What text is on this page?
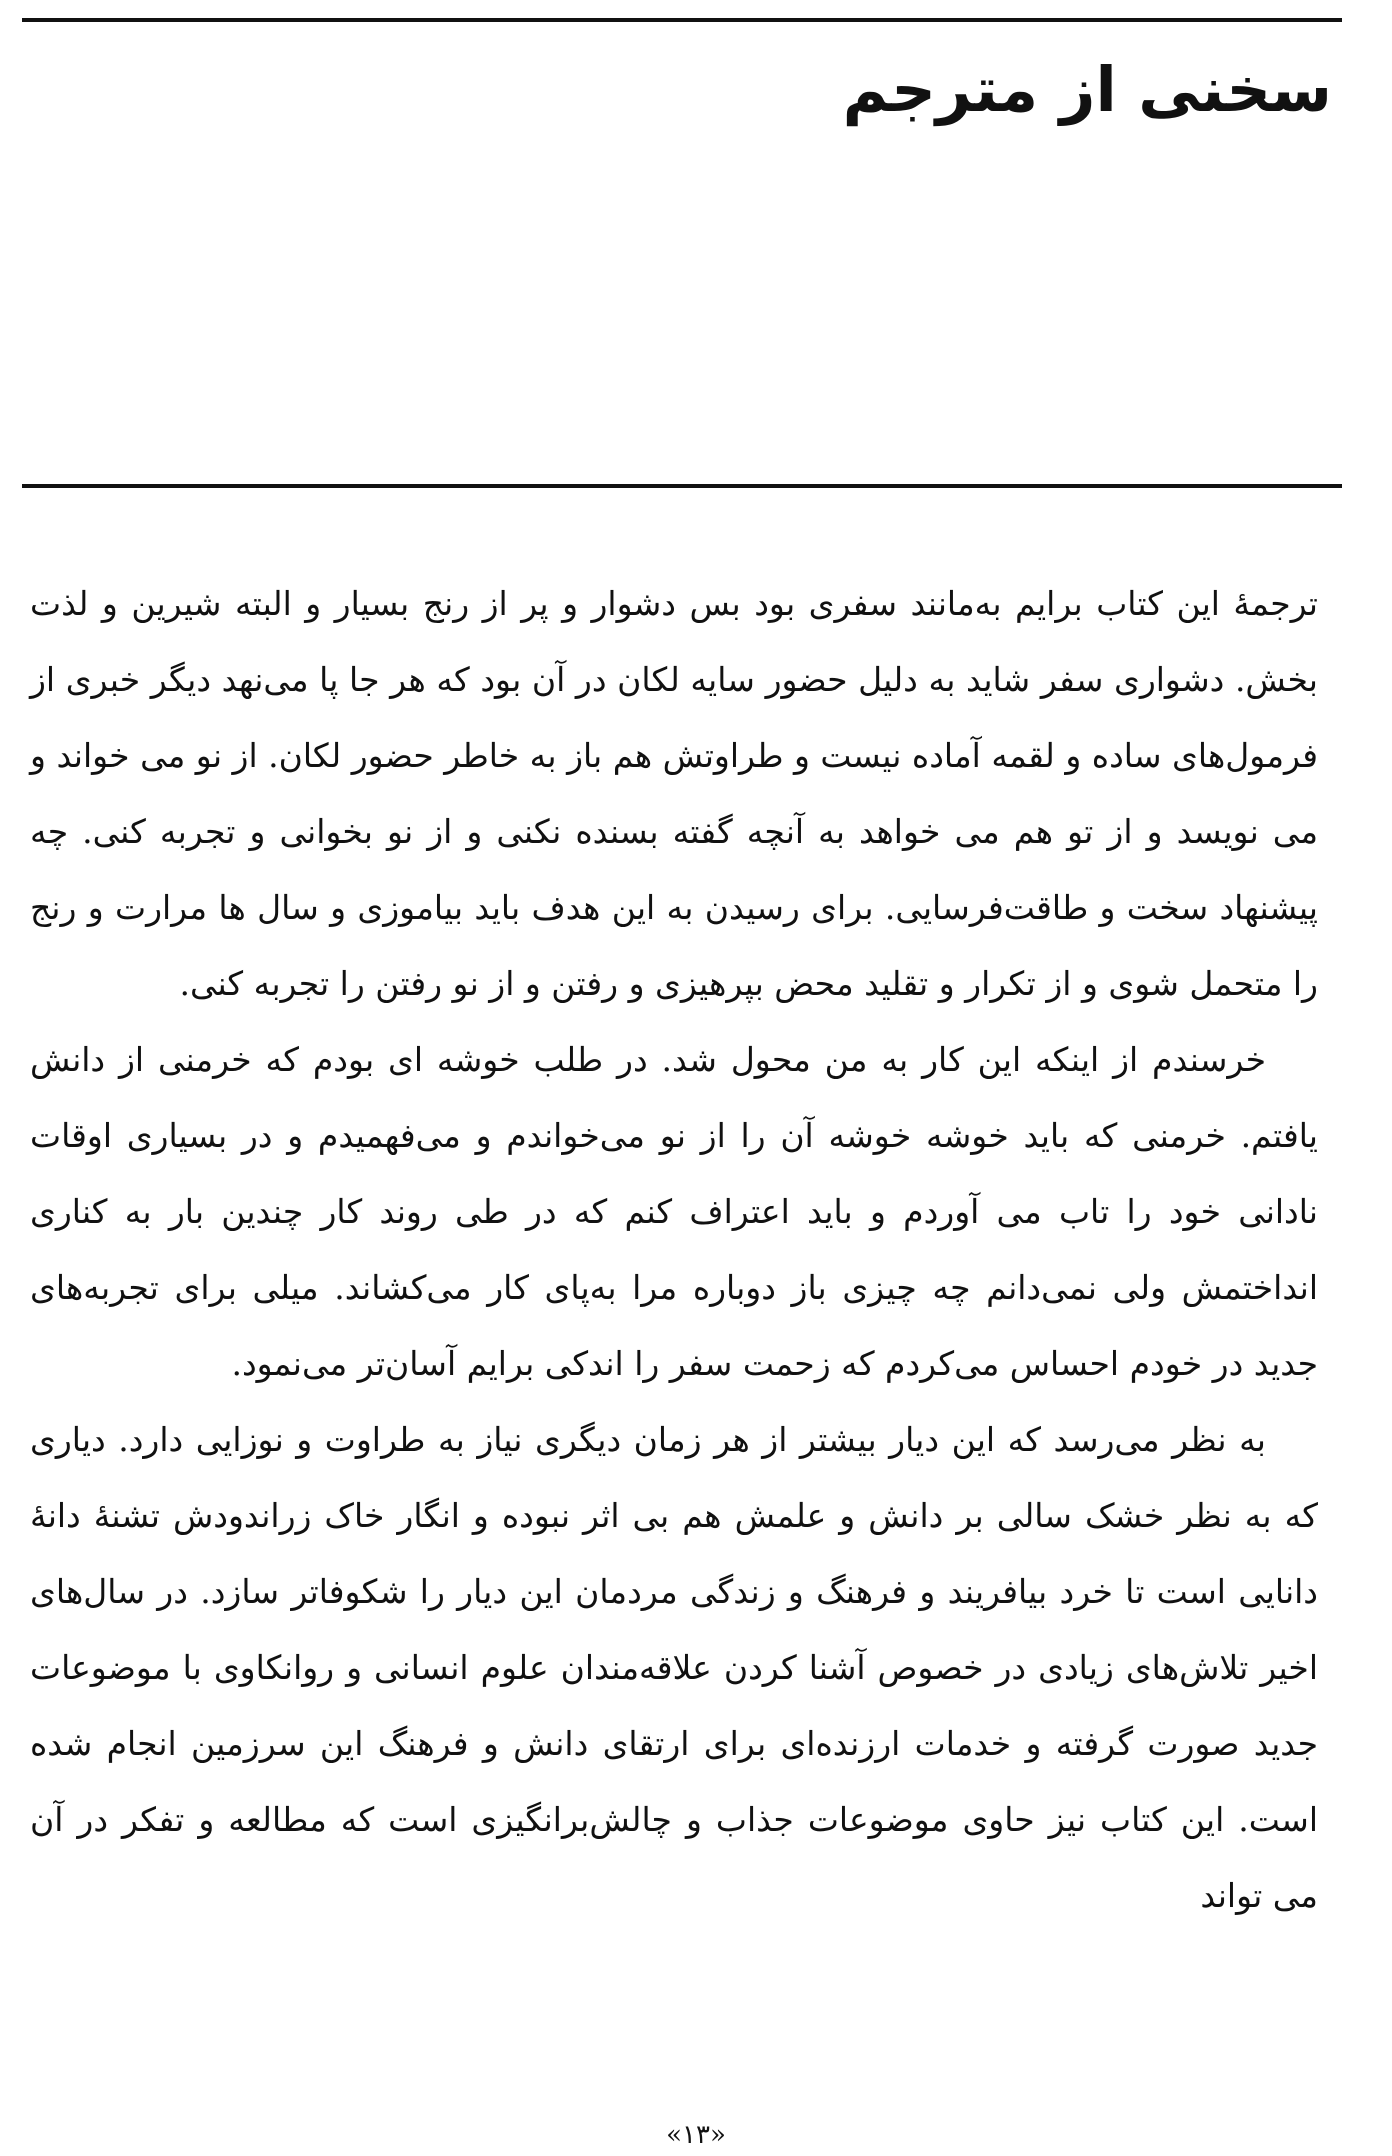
سخنی از مترجم

ترجمۀ این کتاب برایم به‌مانند سفری بود بس دشوار و پر از رنج بسیار و البته شیرین و لذت بخش. دشواری سفر شاید به دلیل حضور سایه لکان در آن بود که هر جا پا می‌نهد دیگر خبری از فرمول‌های ساده و لقمه آماده نیست و طراوتش هم باز به خاطر حضور لکان. از نو می خواند و می نویسد و از تو هم می خواهد به آنچه گفته بسنده نکنی و از نو بخوانی و تجربه کنی. چه پیشنهاد سخت و طاقت‌فرسایی. برای رسیدن به این هدف باید بیاموزی و سال ها مرارت و رنج را متحمل شوی و از تکرار و تقلید محض بپرهیزی و رفتن و از نو رفتن را تجربه کنی.

خرسندم از اینکه این کار به من محول شد. در طلب خوشه ای بودم که خرمنی از دانش یافتم. خرمنی که باید خوشه خوشه آن را از نو می‌خواندم و می‌فهمیدم و در بسیاری اوقات نادانی خود را تاب می آوردم و باید اعتراف کنم که در طی روند کار چندین بار به کناری انداختمش ولی نمی‌دانم چه چیزی باز دوباره مرا به‌پای کار می‌کشاند. میلی برای تجربه‌های جدید در خودم احساس می‌کردم که زحمت سفر را اندکی برایم آسان‌تر می‌نمود.

به نظر می‌رسد که این دیار بیشتر از هر زمان دیگری نیاز به طراوت و نوزایی دارد. دیاری که به نظر خشک سالی بر دانش و علمش هم بی اثر نبوده و انگار خاک زراندودش تشنۀ دانۀ دانایی است تا خرد بیافریند و فرهنگ و زندگی مردمان این دیار را شکوفاتر سازد. در سال‌های اخیر تلاش‌های زیادی در خصوص آشنا کردن علاقه‌مندان علوم انسانی و روانکاوی با موضوعات جدید صورت گرفته و خدمات ارزنده‌ای برای ارتقای دانش و فرهنگ این سرزمین انجام شده است. این کتاب نیز حاوی موضوعات جذاب و چالش‌برانگیزی است که مطالعه و تفکر در آن می تواند

«۱۳»
